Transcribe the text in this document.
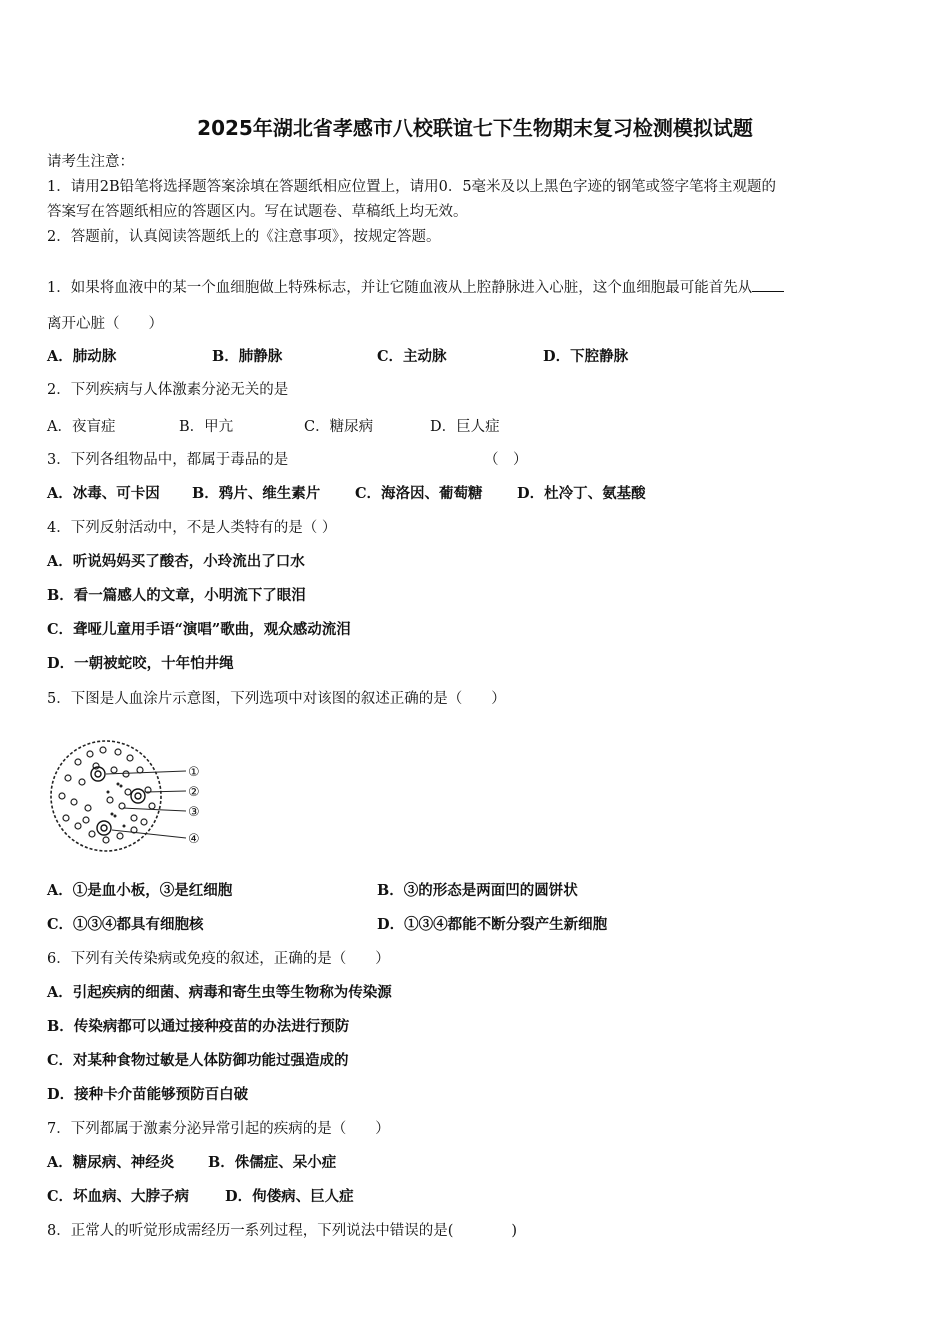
2025年湖北省孝感市八校联谊七下生物期末复习检测模拟试题
请考生注意：
1．请用2B铅笔将选择题答案涂填在答题纸相应位置上，请用0．5毫米及以上黑色字迹的钢笔或签字笔将主观题的
答案写在答题纸相应的答题区内。写在试题卷、草稿纸上均无效。
2．答题前，认真阅读答题纸上的《注意事项》，按规定答题。
1．如果将血液中的某一个血细胞做上特殊标志，并让它随血液从上腔静脉进入心脏，这个血细胞最可能首先从
离开心脏（　　）
A．肺动脉	B．肺静脉	C．主动脉	D．下腔静脉
2．下列疾病与人体激素分泌无关的是
A．夜盲症	B．甲亢	C．糖尿病	D．巨人症
3．下列各组物品中，都属于毒品的是	（　）
A．冰毒、可卡因 B．鸦片、维生素片 C．海洛因、葡萄糖 D．杜冷丁、氨基酸
4．下列反射活动中，不是人类特有的是（ ）
A．听说妈妈买了酸杏，小玲流出了口水
B．看一篇感人的文章，小明流下了眼泪
C．聋哑儿童用手语“演唱”歌曲，观众感动流泪
D．一朝被蛇咬，十年怕井绳
5．下图是人血涂片示意图，下列选项中对该图的叙述正确的是（　　）
①
②
③
④
A．①是血小板，③是红细胞	B．③的形态是两面凹的圆饼状
C．①③④都具有细胞核	D．①③④都能不断分裂产生新细胞
6．下列有关传染病或免疫的叙述，正确的是（　　）
A．引起疾病的细菌、病毒和寄生虫等生物称为传染源
B．传染病都可以通过接种疫苗的办法进行预防
C．对某种食物过敏是人体防御功能过强造成的
D．接种卡介苗能够预防百白破
7．下列都属于激素分泌异常引起的疾病的是（　　）
A．糖尿病、神经炎 B．侏儒症、呆小症
C．坏血病、大脖子病 D．佝偻病、巨人症
8．正常人的听觉形成需经历一系列过程，下列说法中错误的是(　　　　)
